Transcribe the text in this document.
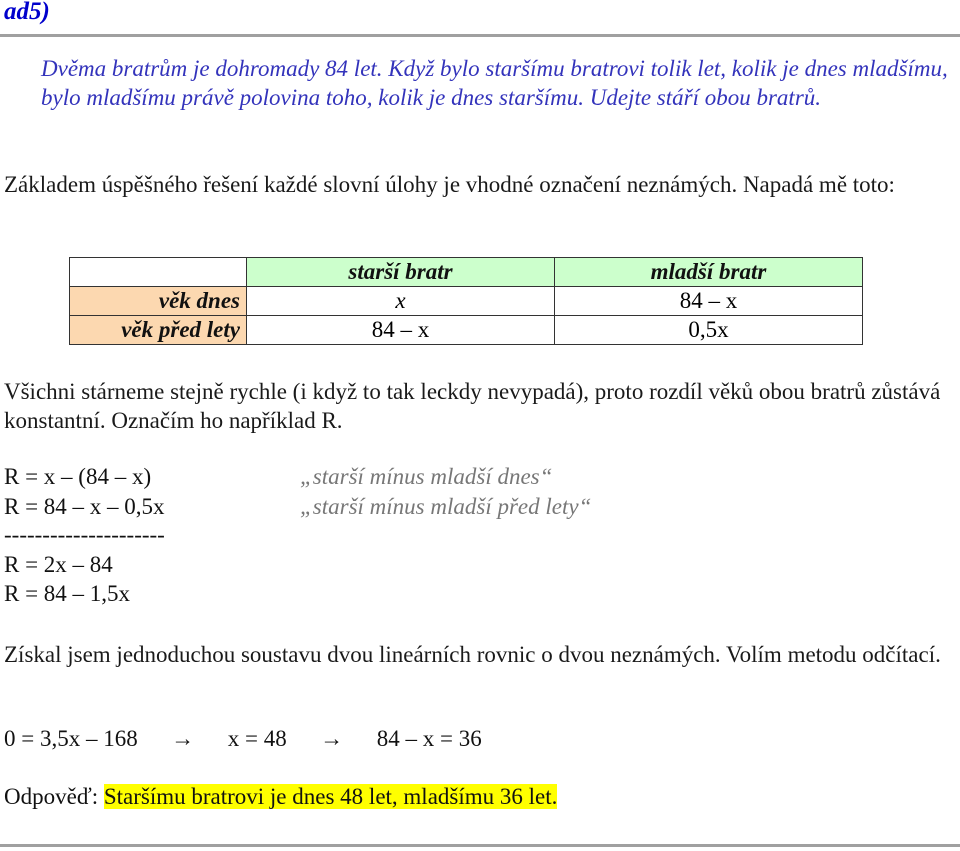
ad5)
Dvěma bratrům je dohromady 84 let. Když bylo staršímu bratrovi tolik let, kolik je dnes mladšímu, bylo mladšímu právě polovina toho, kolik je dnes staršímu. Udejte stáří obou bratrů.
Základem úspěšného řešení každé slovní úlohy je vhodné označení neznámých. Napadá mě toto:
	starší bratr	mladší bratr
věk dnes	x	84 – x
věk před lety	84 – x	0,5x
Všichni stárneme stejně rychle (i když to tak leckdy nevypadá), proto rozdíl věků obou bratrů zůstává konstantní. Označím ho například R.
R = x – (84 – x)	„starší mínus mladší dnes“
R = 84 – x – 0,5x	„starší mínus mladší před lety“
---------------------
R = 2x – 84
R = 84 – 1,5x
Získal jsem jednoduchou soustavu dvou lineárních rovnic o dvou neznámých. Volím metodu odčítací.
0 = 3,5x – 168 → x = 48 → 84 – x = 36
Odpověď: Staršímu bratrovi je dnes 48 let, mladšímu 36 let.
